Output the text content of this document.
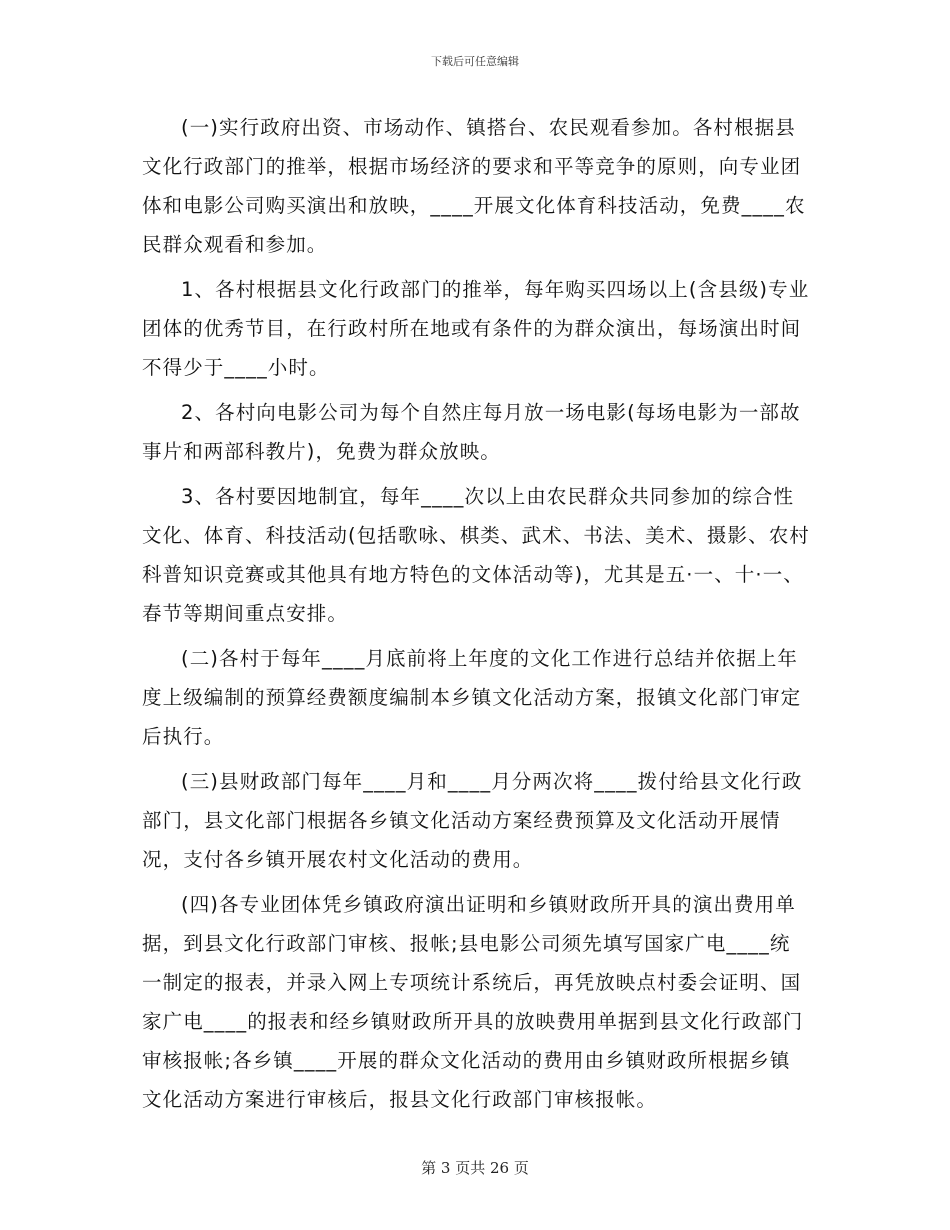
下载后可任意编辑

(一)实行政府出资、市场动作、镇搭台、农民观看参加。各村根据县文化行政部门的推举，根据市场经济的要求和平等竞争的原则，向专业团体和电影公司购买演出和放映，____开展文化体育科技活动，免费____农民群众观看和参加。

1、各村根据县文化行政部门的推举，每年购买四场以上(含县级)专业团体的优秀节目，在行政村所在地或有条件的为群众演出，每场演出时间不得少于____小时。

2、各村向电影公司为每个自然庄每月放一场电影(每场电影为一部故事片和两部科教片)，免费为群众放映。

3、各村要因地制宜，每年____次以上由农民群众共同参加的综合性文化、体育、科技活动(包括歌咏、棋类、武术、书法、美术、摄影、农村科普知识竞赛或其他具有地方特色的文体活动等)，尤其是五·一、十·一、春节等期间重点安排。

(二)各村于每年____月底前将上年度的文化工作进行总结并依据上年度上级编制的预算经费额度编制本乡镇文化活动方案，报镇文化部门审定后执行。

(三)县财政部门每年____月和____月分两次将____拨付给县文化行政部门，县文化部门根据各乡镇文化活动方案经费预算及文化活动开展情况，支付各乡镇开展农村文化活动的费用。

(四)各专业团体凭乡镇政府演出证明和乡镇财政所开具的演出费用单据，到县文化行政部门审核、报帐;县电影公司须先填写国家广电____统一制定的报表，并录入网上专项统计系统后，再凭放映点村委会证明、国家广电____的报表和经乡镇财政所开具的放映费用单据到县文化行政部门审核报帐;各乡镇____开展的群众文化活动的费用由乡镇财政所根据乡镇文化活动方案进行审核后，报县文化行政部门审核报帐。

第 3 页共 26 页
